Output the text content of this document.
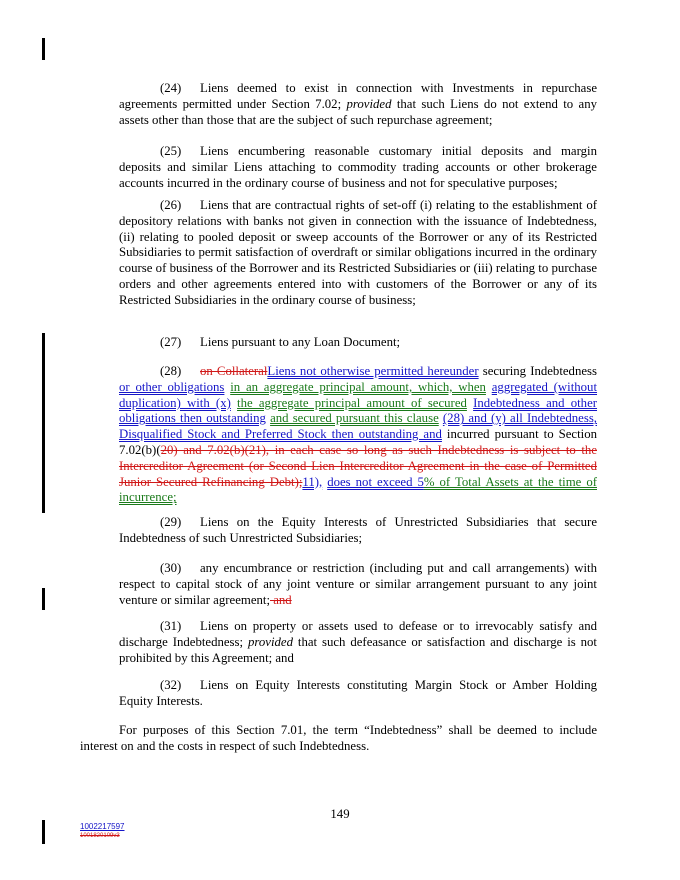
(24) Liens deemed to exist in connection with Investments in repurchase agreements permitted under Section 7.02; provided that such Liens do not extend to any assets other than those that are the subject of such repurchase agreement;
(25) Liens encumbering reasonable customary initial deposits and margin deposits and similar Liens attaching to commodity trading accounts or other brokerage accounts incurred in the ordinary course of business and not for speculative purposes;
(26) Liens that are contractual rights of set-off (i) relating to the establishment of depository relations with banks not given in connection with the issuance of Indebtedness, (ii) relating to pooled deposit or sweep accounts of the Borrower or any of its Restricted Subsidiaries to permit satisfaction of overdraft or similar obligations incurred in the ordinary course of business of the Borrower and its Restricted Subsidiaries or (iii) relating to purchase orders and other agreements entered into with customers of the Borrower or any of its Restricted Subsidiaries in the ordinary course of business;
(27) Liens pursuant to any Loan Document;
(28) on CollateralLiens not otherwise permitted hereunder securing Indebtedness or other obligations in an aggregate principal amount, which, when aggregated (without duplication) with (x) the aggregate principal amount of secured Indebtedness and other obligations then outstanding and secured pursuant this clause (28) and (y) all Indebtedness, Disqualified Stock and Preferred Stock then outstanding and incurred pursuant to Section 7.02(b)(20) and 7.02(b)(21), in each case so long as such Indebtedness is subject to the Intercreditor Agreement (or Second Lien Intercreditor Agreement in the case of Permitted Junior Secured Refinancing Debt);11), does not exceed 5% of Total Assets at the time of incurrence;
(29) Liens on the Equity Interests of Unrestricted Subsidiaries that secure Indebtedness of such Unrestricted Subsidiaries;
(30) any encumbrance or restriction (including put and call arrangements) with respect to capital stock of any joint venture or similar arrangement pursuant to any joint venture or similar agreement; and
(31) Liens on property or assets used to defease or to irrevocably satisfy and discharge Indebtedness; provided that such defeasance or satisfaction and discharge is not prohibited by this Agreement; and
(32) Liens on Equity Interests constituting Margin Stock or Amber Holding Equity Interests.
For purposes of this Section 7.01, the term “Indebtedness” shall be deemed to include interest on and the costs in respect of such Indebtedness.
149
1002217597
1001820109v3
